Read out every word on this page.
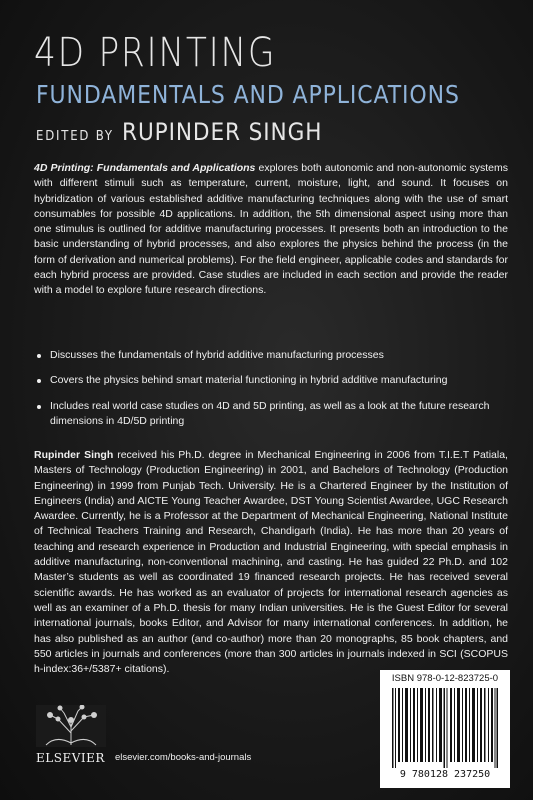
4D PRINTING
FUNDAMENTALS AND APPLICATIONS
EDITED BY RUPINDER SINGH
4D Printing: Fundamentals and Applications explores both autonomic and non-autonomic systems with different stimuli such as temperature, current, moisture, light, and sound. It focuses on hybridization of various established additive manufacturing techniques along with the use of smart consumables for possible 4D applications. In addition, the 5th dimensional aspect using more than one stimulus is outlined for additive manufacturing processes. It presents both an introduction to the basic understanding of hybrid processes, and also explores the physics behind the process (in the form of derivation and numerical problems). For the field engineer, applicable codes and standards for each hybrid process are provided. Case studies are included in each section and provide the reader with a model to explore future research directions.
Discusses the fundamentals of hybrid additive manufacturing processes
Covers the physics behind smart material functioning in hybrid additive manufacturing
Includes real world case studies on 4D and 5D printing, as well as a look at the future research dimensions in 4D/5D printing
Rupinder Singh received his Ph.D. degree in Mechanical Engineering in 2006 from T.I.E.T Patiala, Masters of Technology (Production Engineering) in 2001, and Bachelors of Technology (Production Engineering) in 1999 from Punjab Tech. University. He is a Chartered Engineer by the Institution of Engineers (India) and AICTE Young Teacher Awardee, DST Young Scientist Awardee, UGC Research Awardee. Currently, he is a Professor at the Department of Mechanical Engineering, National Institute of Technical Teachers Training and Research, Chandigarh (India). He has more than 20 years of teaching and research experience in Production and Industrial Engineering, with special emphasis in additive manufacturing, non-conventional machining, and casting. He has guided 22 Ph.D. and 102 Master’s students as well as coordinated 19 financed research projects. He has received several scientific awards. He has worked as an evaluator of projects for international research agencies as well as an examiner of a Ph.D. thesis for many Indian universities. He is the Guest Editor for several international journals, books Editor, and Advisor for many international conferences. In addition, he has also published as an author (and co-author) more than 20 monographs, 85 book chapters, and 550 articles in journals and conferences (more than 300 articles in journals indexed in SCI (SCOPUS h-index:36+/5387+ citations).
ELSEVIER elsevier.com/books-and-journals
ISBN 978-0-12-823725-0
9 780128 237250
